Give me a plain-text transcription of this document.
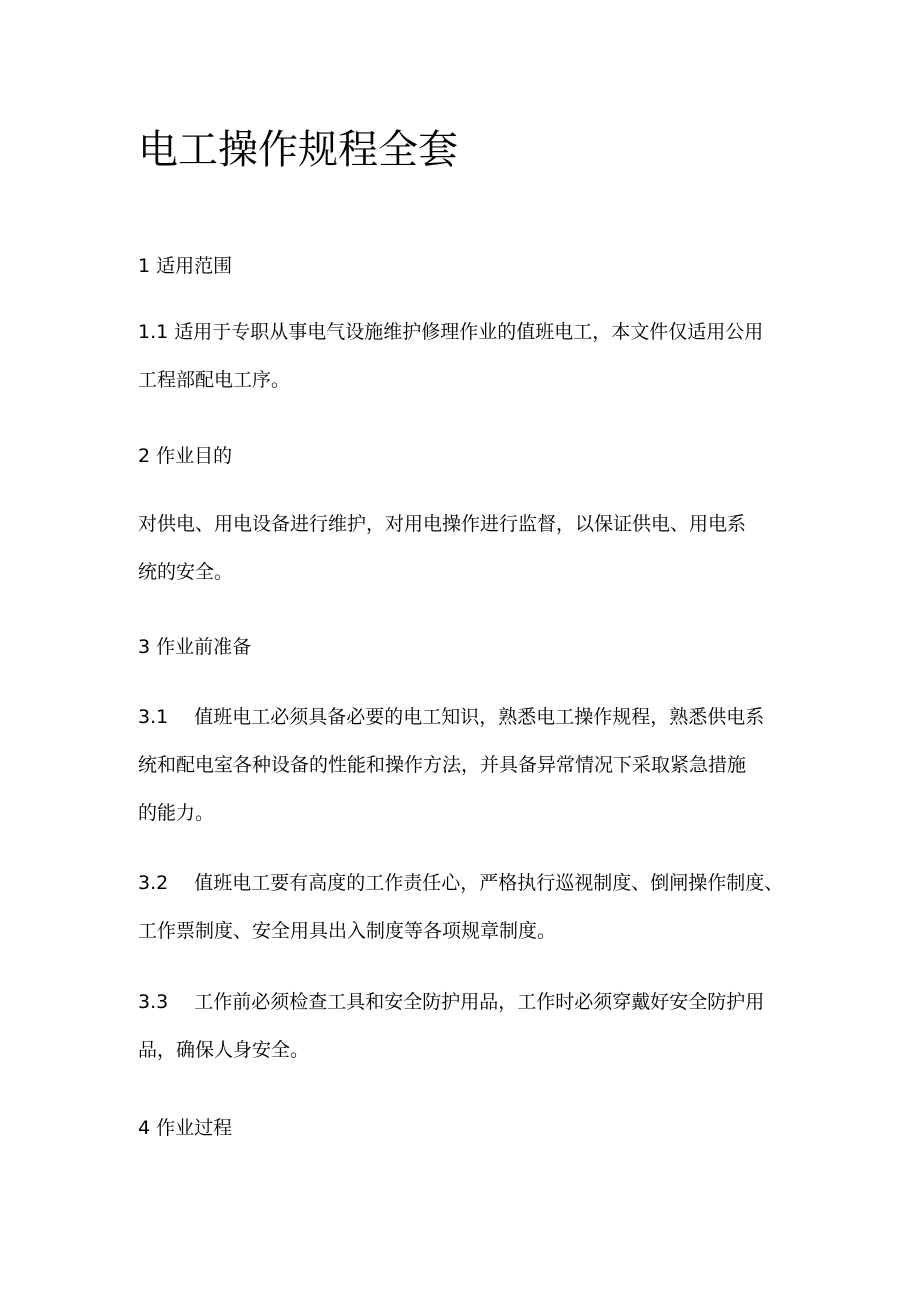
电工操作规程全套

1 适用范围

1.1 适用于专职从事电气设施维护修理作业的值班电工，本文件仅适用公用

工程部配电工序。

2 作业目的

对供电、用电设备进行维护，对用电操作进行监督，以保证供电、用电系

统的安全。

3 作业前准备

3.1 值班电工必须具备必要的电工知识，熟悉电工操作规程，熟悉供电系

统和配电室各种设备的性能和操作方法，并具备异常情况下采取紧急措施

的能力。

3.2 值班电工要有高度的工作责任心，严格执行巡视制度、倒闸操作制度、

工作票制度、安全用具出入制度等各项规章制度。

3.3 工作前必须检查工具和安全防护用品，工作时必须穿戴好安全防护用

品，确保人身安全。

4 作业过程
